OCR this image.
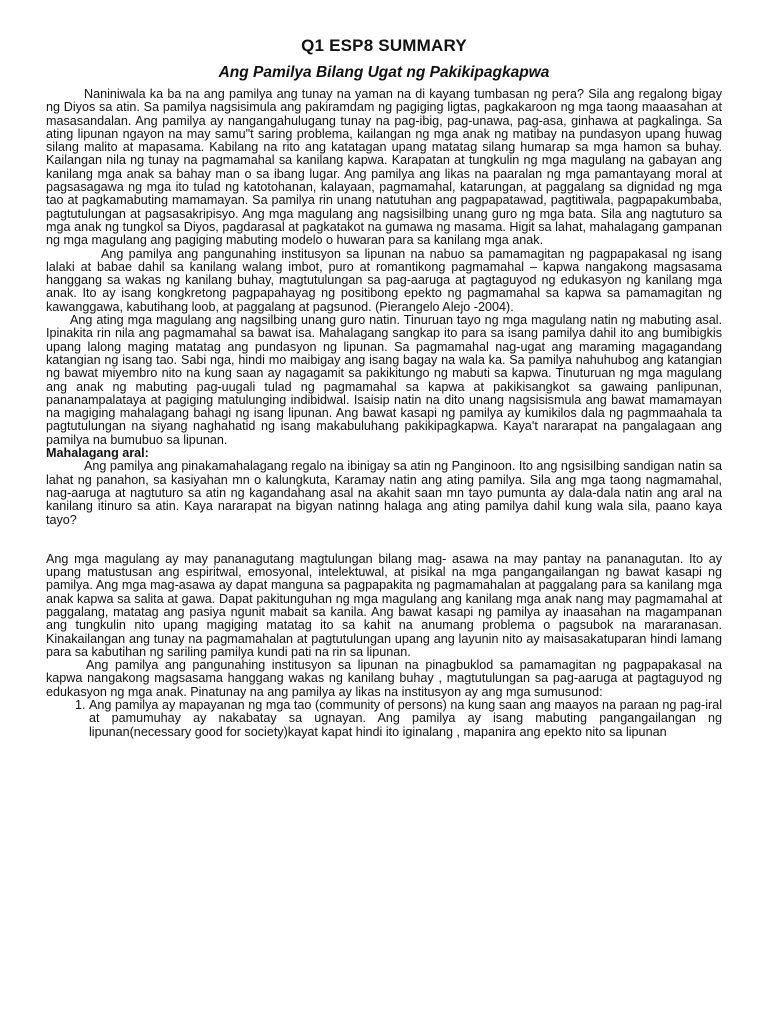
Q1 ESP8 SUMMARY
Ang Pamilya Bilang Ugat ng Pakikipagkapwa

Naniniwala ka ba na ang pamilya ang tunay na yaman na di kayang tumbasan ng pera? Sila ang regalong bigay ng Diyos sa atin. Sa pamilya nagsisimula ang pakiramdam ng pagiging ligtas, pagkakaroon ng mga taong maaasahan at masasandalan. Ang pamilya ay nangangahulugang tunay na pag-ibig, pag-unawa, pag-asa, ginhawa at pagkalinga. Sa ating lipunan ngayon na may samu"t saring problema, kailangan ng mga anak ng matibay na pundasyon upang huwag silang malito at mapasama. Kabilang na rito ang katatagan upang matatag silang humarap sa mga hamon sa buhay. Kailangan nila ng tunay na pagmamahal sa kanilang kapwa. Karapatan at tungkulin ng mga magulang na gabayan ang kanilang mga anak sa bahay man o sa ibang lugar. Ang pamilya ang likas na paaralan ng mga pamantayang moral at pagsasagawa ng mga ito tulad ng katotohanan, kalayaan, pagmamahal, katarungan, at paggalang sa dignidad ng mga tao at pagkamabuting mamamayan. Sa pamilya rin unang natutuhan ang pagpapatawad, pagtitiwala, pagpapakumbaba, pagtutulungan at pagsasakripisyo. Ang mga magulang ang nagsisilbing unang guro ng mga bata. Sila ang nagtuturo sa mga anak ng tungkol sa Diyos, pagdarasal at pagkatakot na gumawa ng masama. Higit sa lahat, mahalagang gampanan ng mga magulang ang pagiging mabuting modelo o huwaran para sa kanilang mga anak.

Ang pamilya ang pangunahing institusyon sa lipunan na nabuo sa pamamagitan ng pagpapakasal ng isang lalaki at babae dahil sa kanilang walang imbot, puro at romantikong pagmamahal – kapwa nangakong magsasama hanggang sa wakas ng kanilang buhay, magtutulungan sa pag-aaruga at pagtaguyod ng edukasyon ng kanilang mga anak. Ito ay isang kongkretong pagpapahayag ng positibong epekto ng pagmamahal sa kapwa sa pamamagitan ng kawanggawa, kabutihang loob, at paggalang at pagsunod. (Pierangelo Alejo -2004).

Ang ating mga magulang ang nagsilbing unang guro natin. Tinuruan tayo ng mga magulang natin ng mabuting asal. Ipinakita rin nila ang pagmamahal sa bawat isa. Mahalagang sangkap ito para sa isang pamilya dahil ito ang bumibigkis upang lalong maging matatag ang pundasyon ng lipunan. Sa pagmamahal nag-ugat ang maraming magagandang katangian ng isang tao. Sabi nga, hindi mo maibigay ang isang bagay na wala ka. Sa pamilya nahuhubog ang katangian ng bawat miyembro nito na kung saan ay nagagamit sa pakikitungo ng mabuti sa kapwa. Tinuturuan ng mga magulang ang anak ng mabuting pag-uugali tulad ng pagmamahal sa kapwa at pakikisangkot sa gawaing panlipunan, pananampalataya at pagiging matulunging indibidwal. Isaisip natin na dito unang nagsisismula ang bawat mamamayan na magiging mahalagang bahagi ng isang lipunan. Ang bawat kasapi ng pamilya ay kumikilos dala ng pagmmaahala ta pagtutulungan na siyang naghahatid ng isang makabuluhang pakikipagkapwa. Kaya't nararapat na pangalagaan ang pamilya na bumubuo sa lipunan.

Mahalagang aral:

Ang pamilya ang pinakamahalagang regalo na ibinigay sa atin ng Panginoon. Ito ang ngsisilbing sandigan natin sa lahat ng panahon, sa kasiyahan mn o kalungkuta, Karamay natin ang ating pamilya. Sila ang mga taong nagmamahal, nag-aaruga at nagtuturo sa atin ng kagandahang asal na akahit saan mn tayo pumunta ay dala-dala natin ang aral na kanilang itinuro sa atin. Kaya nararapat na bigyan natinng halaga ang ating pamilya dahil kung wala sila, paano kaya tayo?

Ang mga magulang ay may pananagutang magtulungan bilang mag- asawa na may pantay na pananagutan. Ito ay upang matustusan ang espiritwal, emosyonal, intelektuwal, at pisikal na mga pangangailangan ng bawat kasapi ng pamilya. Ang mga mag-asawa ay dapat manguna sa pagpapakita ng pagmamahalan at paggalang para sa kanilang mga anak kapwa sa salita at gawa. Dapat pakitunguhan ng mga magulang ang kanilang mga anak nang may pagmamahal at paggalang, matatag ang pasiya ngunit mabait sa kanila. Ang bawat kasapi ng pamilya ay inaasahan na magampanan ang tungkulin nito upang magiging matatag ito sa kahit na anumang problema o pagsubok na mararanasan. Kinakailangan ang tunay na pagmamahalan at pagtutulungan upang ang layunin nito ay maisasakatuparan hindi lamang para sa kabutihan ng sariling pamilya kundi pati na rin sa lipunan.

Ang pamilya ang pangunahing institusyon sa lipunan na pinagbuklod sa pamamagitan ng pagpapakasal na kapwa nangakong magsasama hanggang wakas ng kanilang buhay , magtutulungan sa pag-aaruga at pagtaguyod ng edukasyon ng mga anak. Pinatunay na ang pamilya ay likas na institusyon ay ang mga sumusunod:

1. Ang pamilya ay mapayanan ng mga tao (community of persons) na kung saan ang maayos na paraan ng pag-iral at pamumuhay ay nakabatay sa ugnayan. Ang pamilya ay isang mabuting pangangailangan ng lipunan(necessary good for society)kayat kapat hindi ito iginalang , mapanira ang epekto nito sa lipunan
